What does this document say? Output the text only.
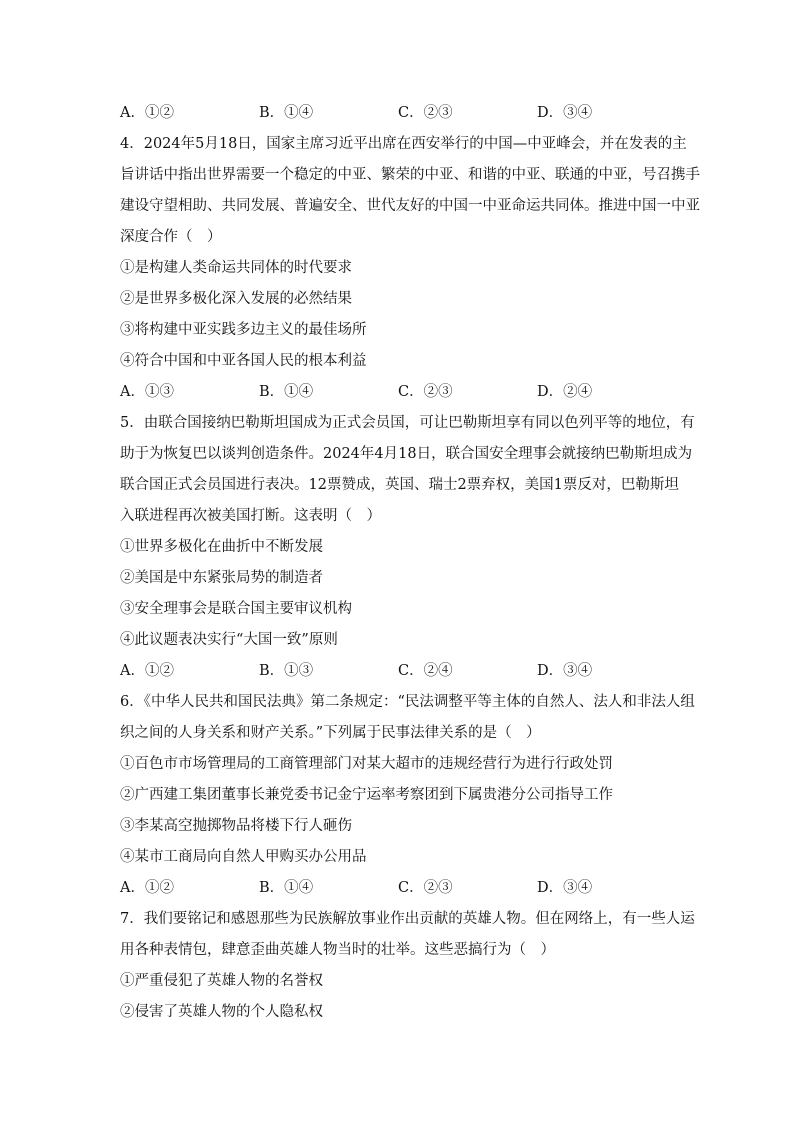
A．①②	B．①④	C．②③	D．③④
4．2024年5月18日，国家主席习近平出席在西安举行的中国—中亚峰会，并在发表的主
旨讲话中指出世界需要一个稳定的中亚、繁荣的中亚、和谐的中亚、联通的中亚，号召携手
建设守望相助、共同发展、普遍安全、世代友好的中国一中亚命运共同体。推进中国一中亚
深度合作（　）
①是构建人类命运共同体的时代要求
②是世界多极化深入发展的必然结果
③将构建中亚实践多边主义的最佳场所
④符合中国和中亚各国人民的根本利益
A．①③	B．①④	C．②③	D．②④
5．由联合国接纳巴勒斯坦国成为正式会员国，可让巴勒斯坦享有同以色列平等的地位，有
助于为恢复巴以谈判创造条件。2024年4月18日，联合国安全理事会就接纳巴勒斯坦成为
联合国正式会员国进行表决。12票赞成，英国、瑞士2票弃权，美国1票反对，巴勒斯坦
入联进程再次被美国打断。这表明（　）
①世界多极化在曲折中不断发展
②美国是中东紧张局势的制造者
③安全理事会是联合国主要审议机构
④此议题表决实行“大国一致”原则
A．①②	B．①③	C．②④	D．③④
6．《中华人民共和国民法典》第二条规定：“民法调整平等主体的自然人、法人和非法人组
织之间的人身关系和财产关系。”下列属于民事法律关系的是（　）
①百色市市场管理局的工商管理部门对某大超市的违规经营行为进行行政处罚
②广西建工集团董事长兼党委书记金宁运率考察团到下属贵港分公司指导工作
③李某高空抛掷物品将楼下行人砸伤
④某市工商局向自然人甲购买办公用品
A．①②	B．①④	C．②③	D．③④
7．我们要铭记和感恩那些为民族解放事业作出贡献的英雄人物。但在网络上，有一些人运
用各种表情包，肆意歪曲英雄人物当时的壮举。这些恶搞行为（　）
①严重侵犯了英雄人物的名誉权
②侵害了英雄人物的个人隐私权
